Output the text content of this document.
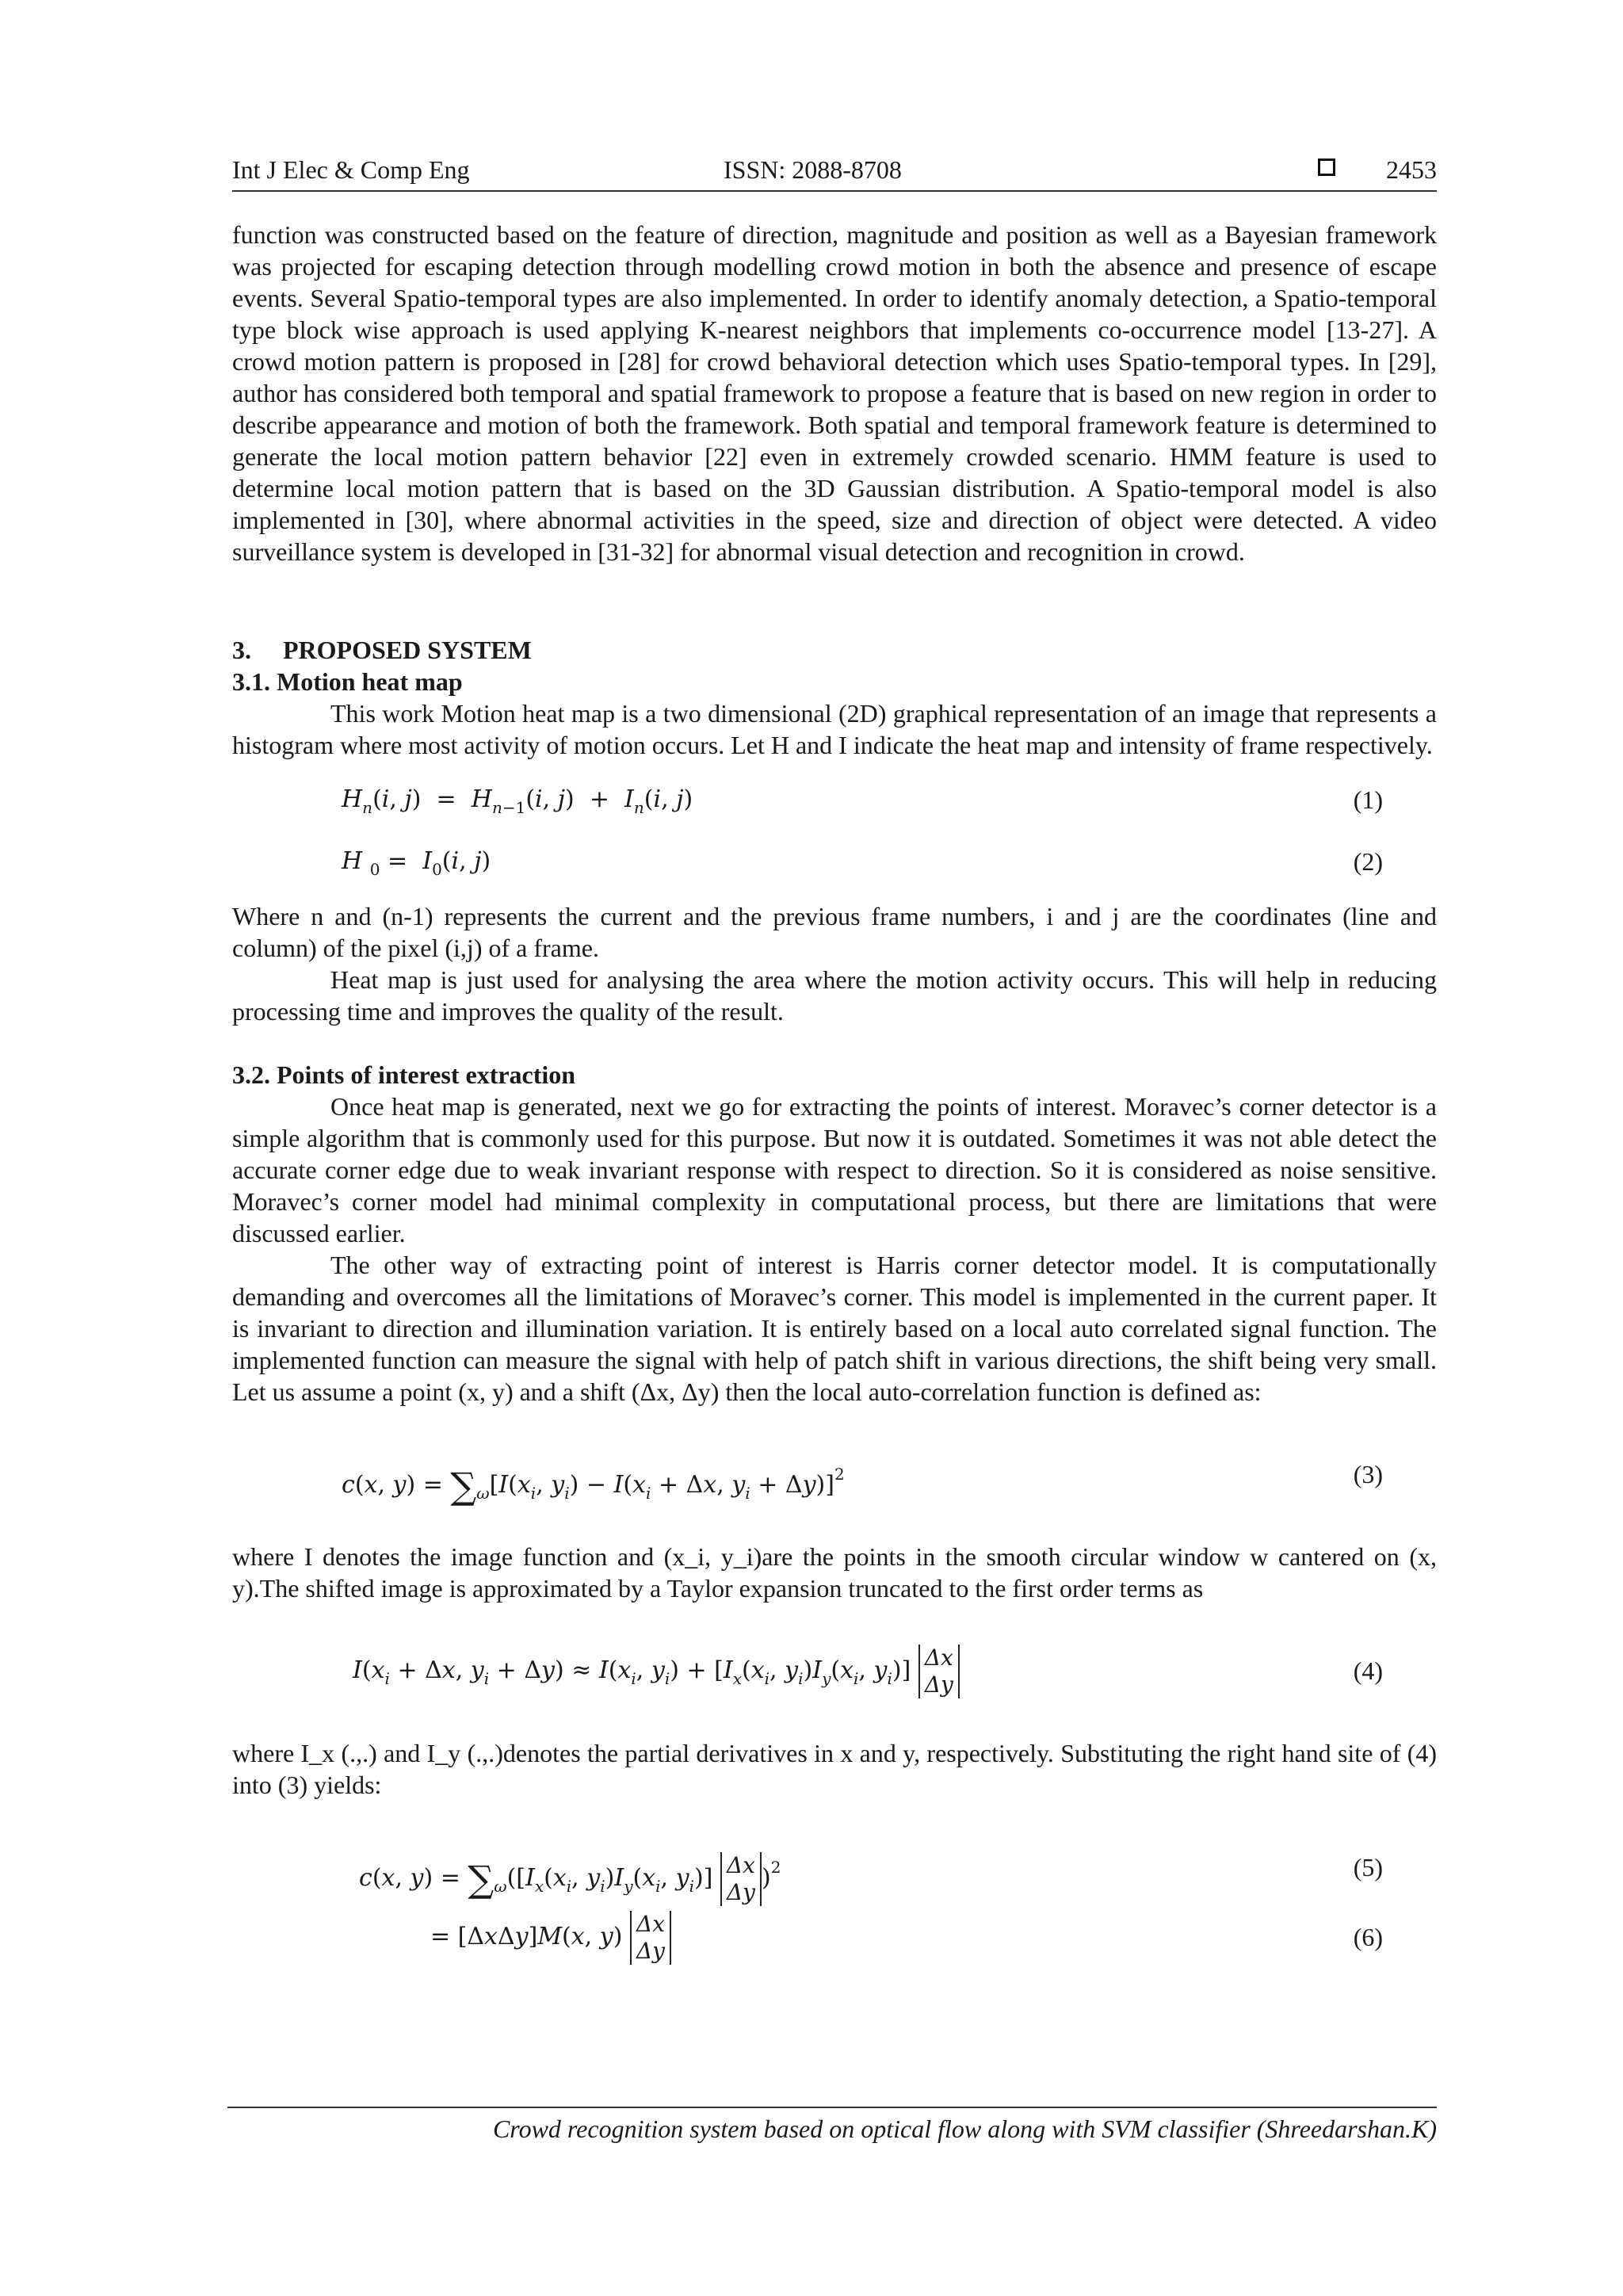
Int J Elec & Comp Eng	ISSN: 2088-8708	2453

function was constructed based on the feature of direction, magnitude and position as well as a Bayesian framework was projected for escaping detection through modelling crowd motion in both the absence and presence of escape events. Several Spatio-temporal types are also implemented. In order to identify anomaly detection, a Spatio-temporal type block wise approach is used applying K-nearest neighbors that implements co-occurrence model [13-27]. A crowd motion pattern is proposed in [28] for crowd behavioral detection which uses Spatio-temporal types. In [29], author has considered both temporal and spatial framework to propose a feature that is based on new region in order to describe appearance and motion of both the framework. Both spatial and temporal framework feature is determined to generate the local motion pattern behavior [22] even in extremely crowded scenario. HMM feature is used to determine local motion pattern that is based on the 3D Gaussian distribution. A Spatio-temporal model is also implemented in [30], where abnormal activities in the speed, size and direction of object were detected. A video surveillance system is developed in [31-32] for abnormal visual detection and recognition in crowd.

3. PROPOSED SYSTEM
3.1. Motion heat map

This work Motion heat map is a two dimensional (2D) graphical representation of an image that represents a histogram where most activity of motion occurs. Let H and I indicate the heat map and intensity of frame respectively.

$H_n(i$, $j) = H_{n-1}(i$, $j) + I_n(i$, j)	(1)
H $_0 = I_0(i$, j)	(2)

Where n and (n-1) represents the current and the previous frame numbers, i and j are the coordinates (line and column) of the pixel (i,j) of a frame.

Heat map is just used for analysing the area where the motion activity occurs. This will help in reducing processing time and improves the quality of the result.

3.2. Points of interest extraction

Once heat map is generated, next we go for extracting the points of interest. Moravec’s corner detector is a simple algorithm that is commonly used for this purpose. But now it is outdated. Sometimes it was not able detect the accurate corner edge due to weak invariant response with respect to direction. So it is considered as noise sensitive. Moravec’s corner model had minimal complexity in computational process, but there are limitations that were discussed earlier.

The other way of extracting point of interest is Harris corner detector model. It is computationally demanding and overcomes all the limitations of Moravec’s corner. This model is implemented in the current paper. It is invariant to direction and illumination variation. It is entirely based on a local auto correlated signal function. The implemented function can measure the signal with help of patch shift in various directions, the shift being very small. Let us assume a point (x, y) and a shift (Δx, Δy) then the local auto-correlation function is defined as:

c(x, $y) = \sum_\omega[I(x_i$, $y_i) - I(x_i + \Delta x$, $y_i + \Delta y)]^2$	(3)

where I denotes the image function and (x_i, y_i)are the points in the smooth circular window w cantered on (x, y).The shifted image is approximated by a Taylor expansion truncated to the first order terms as

$I(x_i + \Delta x$, $y_i + \Delta y) \approx I(x_i$, $y_i) + [I_x(x_i$, $y_i)I_y(x_i$, $y_i$)] Δx
Δy	(4)

where I_x (.,.) and I_y (.,.)denotes the partial derivatives in x and y, respectively. Substituting the right hand site of (4) into (3) yields:

c(x, $y) = \sum_\omega([I_x(x_i$, $y_i)I_y(x_i$, $y_i$)] Δx
Δy)$^2$	(5)
= [ΔxΔy]M(x, y) Δx
Δy	(6)
Crowd recognition system based on optical flow along with SVM classifier (Shreedarshan.K)
